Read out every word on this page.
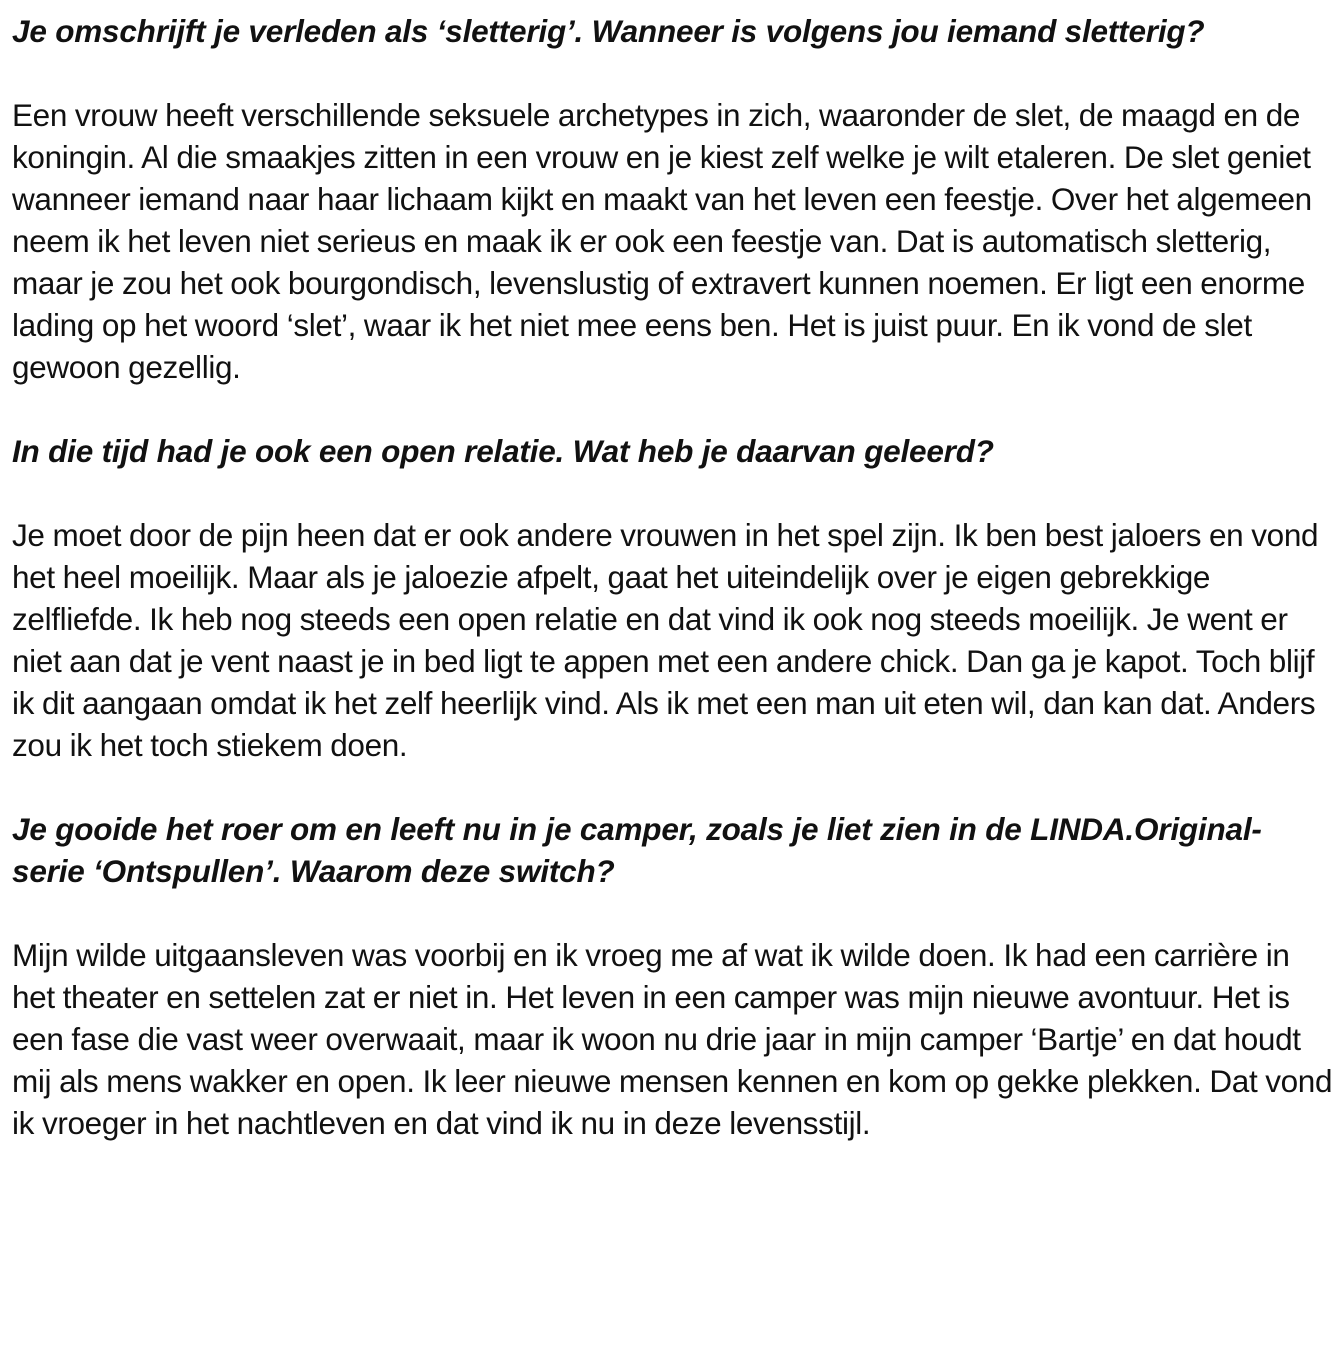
Je omschrijft je verleden als ‘sletterig’. Wanneer is volgens jou iemand sletterig?

Een vrouw heeft verschillende seksuele archetypes in zich, waaronder de slet, de maagd en de koningin. Al die smaakjes zitten in een vrouw en je kiest zelf welke je wilt etaleren. De slet geniet wanneer iemand naar haar lichaam kijkt en maakt van het leven een feestje. Over het algemeen neem ik het leven niet serieus en maak ik er ook een feestje van. Dat is automatisch sletterig, maar je zou het ook bourgondisch, levenslustig of extravert kunnen noemen. Er ligt een enorme lading op het woord ‘slet’, waar ik het niet mee eens ben. Het is juist puur. En ik vond de slet gewoon gezellig.

In die tijd had je ook een open relatie. Wat heb je daarvan geleerd?

Je moet door de pijn heen dat er ook andere vrouwen in het spel zijn. Ik ben best jaloers en vond het heel moeilijk. Maar als je jaloezie afpelt, gaat het uiteindelijk over je eigen gebrekkige zelfliefde. Ik heb nog steeds een open relatie en dat vind ik ook nog steeds moeilijk. Je went er niet aan dat je vent naast je in bed ligt te appen met een andere chick. Dan ga je kapot. Toch blijf ik dit aangaan omdat ik het zelf heerlijk vind. Als ik met een man uit eten wil, dan kan dat. Anders zou ik het toch stiekem doen.

Je gooide het roer om en leeft nu in je camper, zoals je liet zien in de LINDA.Original-serie ‘Ontspullen’. Waarom deze switch?

Mijn wilde uitgaansleven was voorbij en ik vroeg me af wat ik wilde doen. Ik had een carrière in het theater en settelen zat er niet in. Het leven in een camper was mijn nieuwe avontuur. Het is een fase die vast weer overwaait, maar ik woon nu drie jaar in mijn camper ‘Bartje’ en dat houdt mij als mens wakker en open. Ik leer nieuwe mensen kennen en kom op gekke plekken. Dat vond ik vroeger in het nachtleven en dat vind ik nu in deze levensstijl.
